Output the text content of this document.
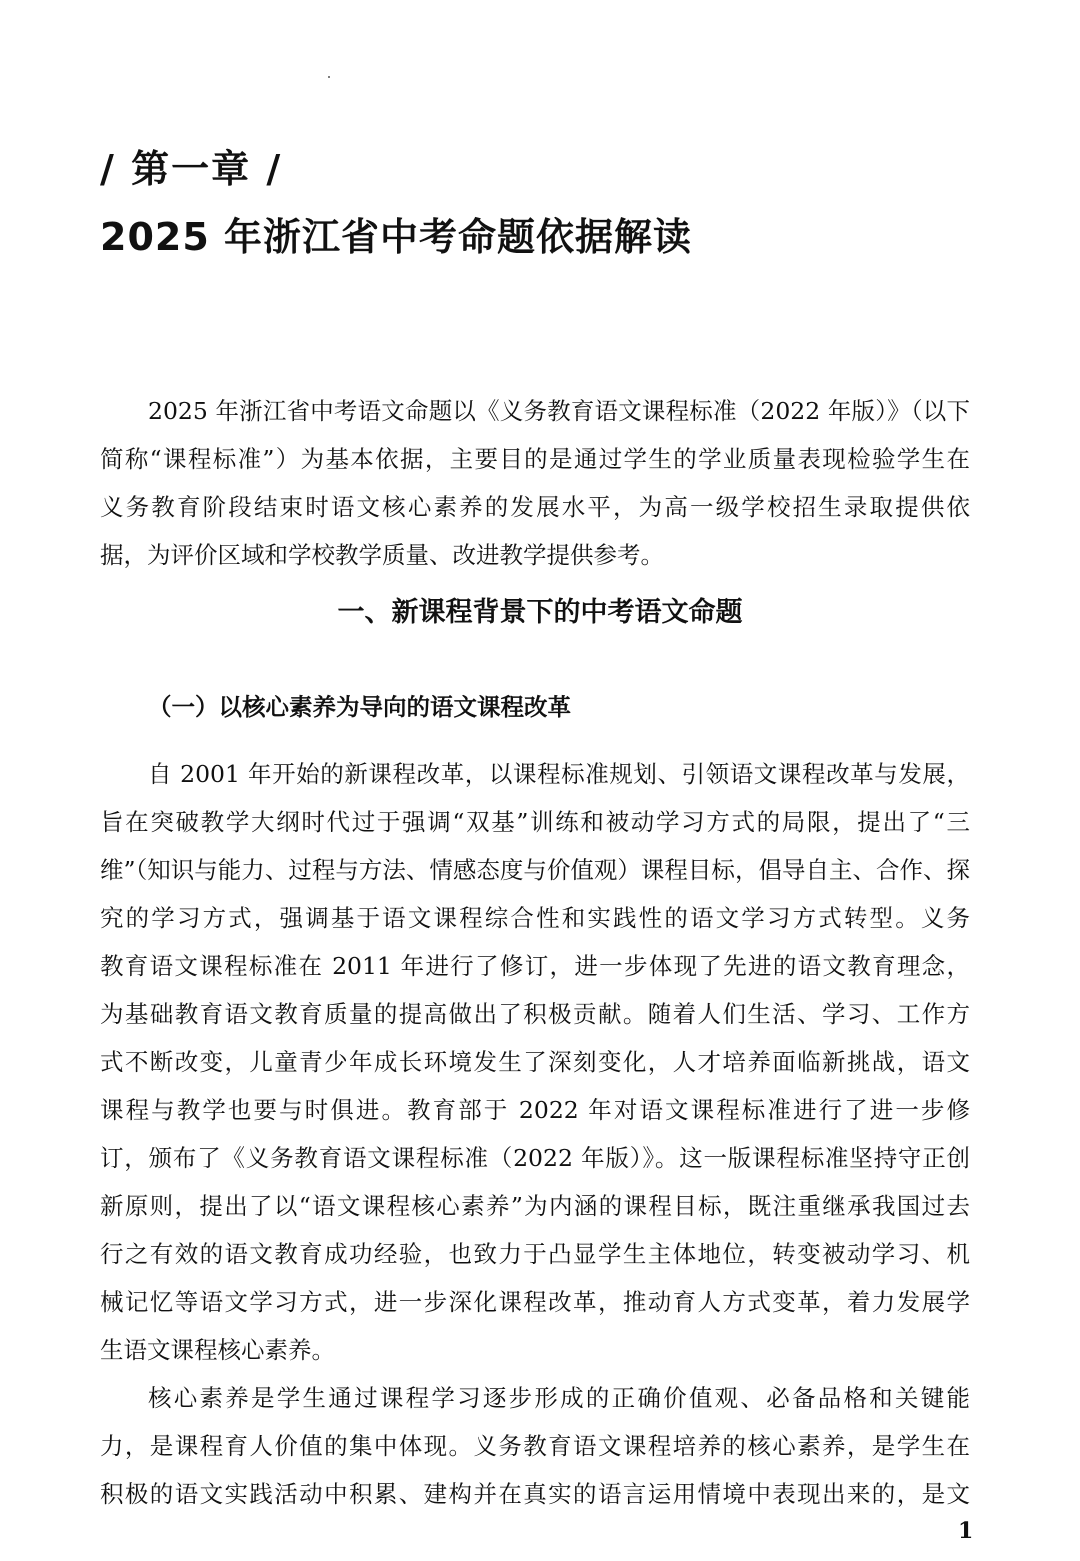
/ 第一章 /
2025 年浙江省中考命题依据解读
2025 年浙江省中考语文命题以《义务教育语文课程标准（2022 年版）》（以下
简称“课程标准”）为基本依据，主要目的是通过学生的学业质量表现检验学生在
义务教育阶段结束时语文核心素养的发展水平，为高一级学校招生录取提供依
据，为评价区域和学校教学质量、改进教学提供参考。
一、新课程背景下的中考语文命题
（一）以核心素养为导向的语文课程改革
自 2001 年开始的新课程改革，以课程标准规划、引领语文课程改革与发展，
旨在突破教学大纲时代过于强调“双基”训练和被动学习方式的局限，提出了“三
维”（知识与能力、过程与方法、情感态度与价值观）课程目标，倡导自主、合作、探
究的学习方式，强调基于语文课程综合性和实践性的语文学习方式转型。义务
教育语文课程标准在 2011 年进行了修订，进一步体现了先进的语文教育理念，
为基础教育语文教育质量的提高做出了积极贡献。随着人们生活、学习、工作方
式不断改变，儿童青少年成长环境发生了深刻变化，人才培养面临新挑战，语文
课程与教学也要与时俱进。教育部于 2022 年对语文课程标准进行了进一步修
订，颁布了《义务教育语文课程标准（2022 年版）》。这一版课程标准坚持守正创
新原则，提出了以“语文课程核心素养”为内涵的课程目标，既注重继承我国过去
行之有效的语文教育成功经验，也致力于凸显学生主体地位，转变被动学习、机
械记忆等语文学习方式，进一步深化课程改革，推动育人方式变革，着力发展学
生语文课程核心素养。
核心素养是学生通过课程学习逐步形成的正确价值观、必备品格和关键能
力，是课程育人价值的集中体现。义务教育语文课程培养的核心素养，是学生在
积极的语文实践活动中积累、建构并在真实的语言运用情境中表现出来的，是文
1
